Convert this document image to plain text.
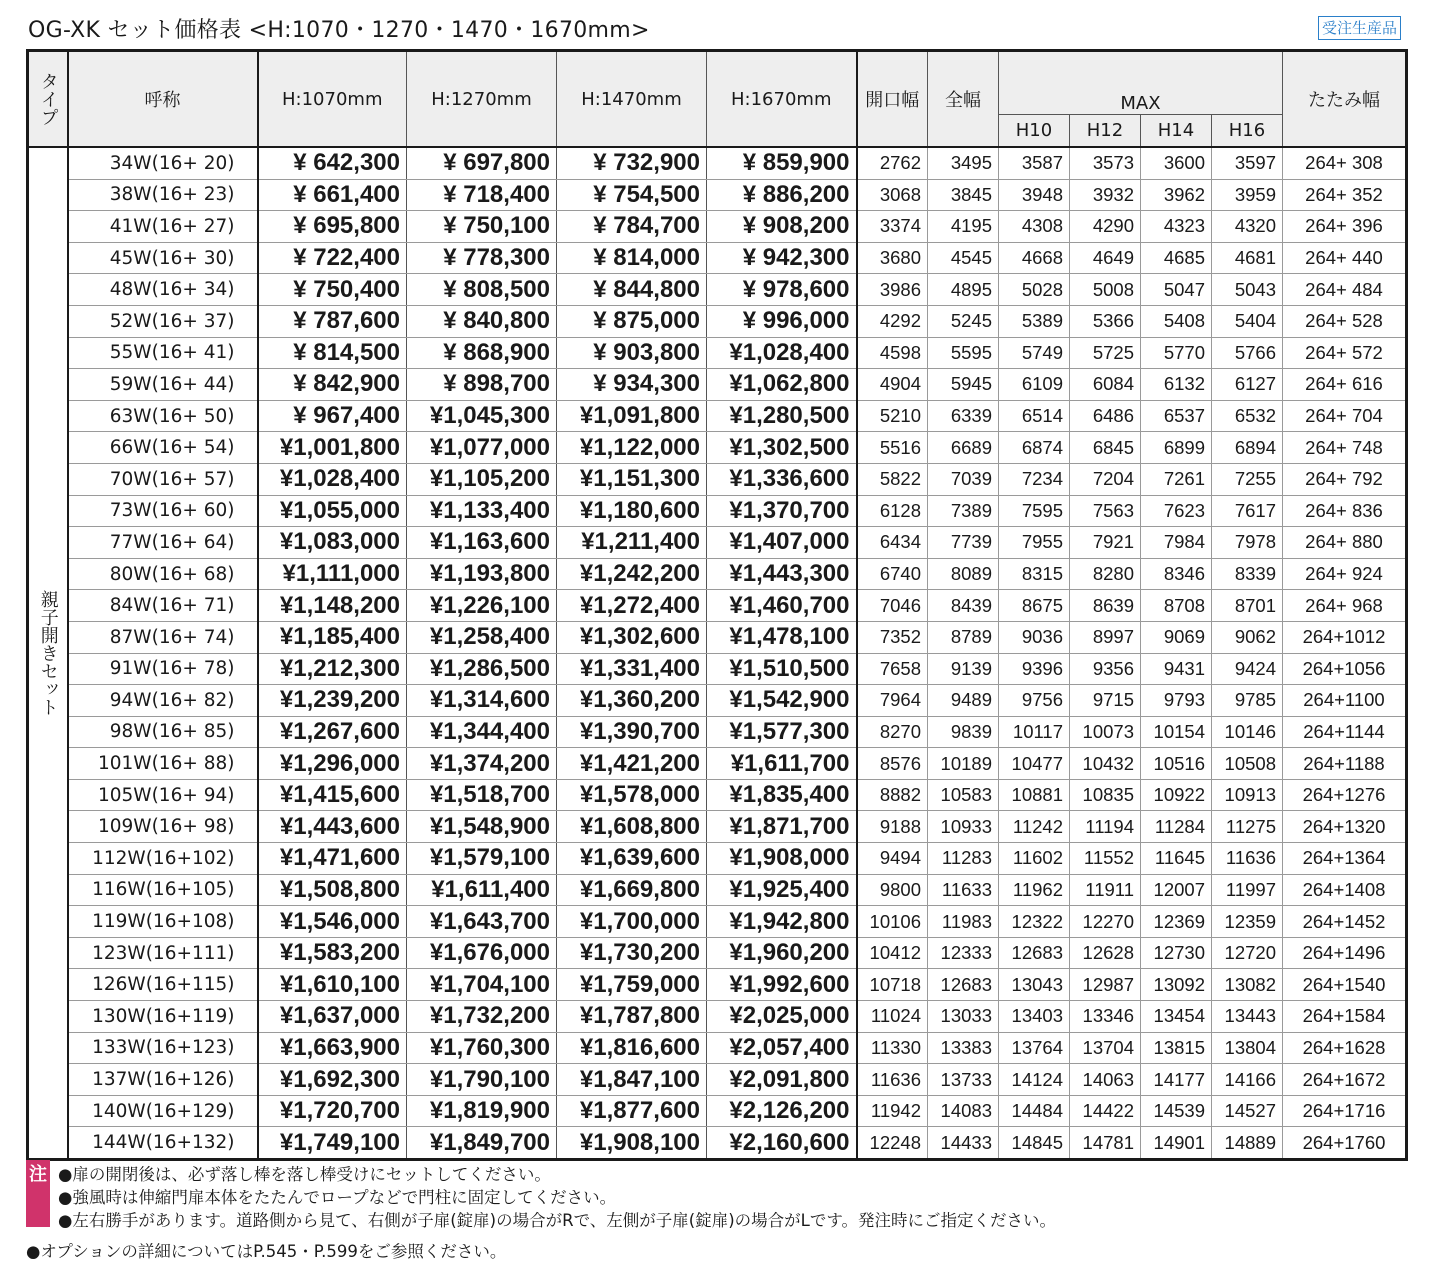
OG-XK セット価格表 <H:1070・1270・1470・1670mm>	受注生産品
タイプ	呼称	H:1070mm	H:1270mm	H:1470mm	H:1670mm	開口幅	全幅	MAX				たたみ幅
								H10	H12	H14	H16	

親子開きセット	34W(16+ 20)	¥ 642,300	¥ 697,800	¥ 732,900	¥ 859,900	2762	3495	3587	3573	3600	3597	264+ 308
	38W(16+ 23)	¥ 661,400	¥ 718,400	¥ 754,500	¥ 886,200	3068	3845	3948	3932	3962	3959	264+ 352
	41W(16+ 27)	¥ 695,800	¥ 750,100	¥ 784,700	¥ 908,200	3374	4195	4308	4290	4323	4320	264+ 396
	45W(16+ 30)	¥ 722,400	¥ 778,300	¥ 814,000	¥ 942,300	3680	4545	4668	4649	4685	4681	264+ 440
	48W(16+ 34)	¥ 750,400	¥ 808,500	¥ 844,800	¥ 978,600	3986	4895	5028	5008	5047	5043	264+ 484
	52W(16+ 37)	¥ 787,600	¥ 840,800	¥ 875,000	¥ 996,000	4292	5245	5389	5366	5408	5404	264+ 528
	55W(16+ 41)	¥ 814,500	¥ 868,900	¥ 903,800	¥1,028,400	4598	5595	5749	5725	5770	5766	264+ 572
	59W(16+ 44)	¥ 842,900	¥ 898,700	¥ 934,300	¥1,062,800	4904	5945	6109	6084	6132	6127	264+ 616
	63W(16+ 50)	¥ 967,400	¥1,045,300	¥1,091,800	¥1,280,500	5210	6339	6514	6486	6537	6532	264+ 704
	66W(16+ 54)	¥1,001,800	¥1,077,000	¥1,122,000	¥1,302,500	5516	6689	6874	6845	6899	6894	264+ 748
	70W(16+ 57)	¥1,028,400	¥1,105,200	¥1,151,300	¥1,336,600	5822	7039	7234	7204	7261	7255	264+ 792
	73W(16+ 60)	¥1,055,000	¥1,133,400	¥1,180,600	¥1,370,700	6128	7389	7595	7563	7623	7617	264+ 836
	77W(16+ 64)	¥1,083,000	¥1,163,600	¥1,211,400	¥1,407,000	6434	7739	7955	7921	7984	7978	264+ 880
	80W(16+ 68)	¥1,111,000	¥1,193,800	¥1,242,200	¥1,443,300	6740	8089	8315	8280	8346	8339	264+ 924
	84W(16+ 71)	¥1,148,200	¥1,226,100	¥1,272,400	¥1,460,700	7046	8439	8675	8639	8708	8701	264+ 968
	87W(16+ 74)	¥1,185,400	¥1,258,400	¥1,302,600	¥1,478,100	7352	8789	9036	8997	9069	9062	264+1012
	91W(16+ 78)	¥1,212,300	¥1,286,500	¥1,331,400	¥1,510,500	7658	9139	9396	9356	9431	9424	264+1056
	94W(16+ 82)	¥1,239,200	¥1,314,600	¥1,360,200	¥1,542,900	7964	9489	9756	9715	9793	9785	264+1100
	98W(16+ 85)	¥1,267,600	¥1,344,400	¥1,390,700	¥1,577,300	8270	9839	10117	10073	10154	10146	264+1144
	101W(16+ 88)	¥1,296,000	¥1,374,200	¥1,421,200	¥1,611,700	8576	10189	10477	10432	10516	10508	264+1188
	105W(16+ 94)	¥1,415,600	¥1,518,700	¥1,578,000	¥1,835,400	8882	10583	10881	10835	10922	10913	264+1276
	109W(16+ 98)	¥1,443,600	¥1,548,900	¥1,608,800	¥1,871,700	9188	10933	11242	11194	11284	11275	264+1320
	112W(16+102)	¥1,471,600	¥1,579,100	¥1,639,600	¥1,908,000	9494	11283	11602	11552	11645	11636	264+1364
	116W(16+105)	¥1,508,800	¥1,611,400	¥1,669,800	¥1,925,400	9800	11633	11962	11911	12007	11997	264+1408
	119W(16+108)	¥1,546,000	¥1,643,700	¥1,700,000	¥1,942,800	10106	11983	12322	12270	12369	12359	264+1452
	123W(16+111)	¥1,583,200	¥1,676,000	¥1,730,200	¥1,960,200	10412	12333	12683	12628	12730	12720	264+1496
	126W(16+115)	¥1,610,100	¥1,704,100	¥1,759,000	¥1,992,600	10718	12683	13043	12987	13092	13082	264+1540
	130W(16+119)	¥1,637,000	¥1,732,200	¥1,787,800	¥2,025,000	11024	13033	13403	13346	13454	13443	264+1584
	133W(16+123)	¥1,663,900	¥1,760,300	¥1,816,600	¥2,057,400	11330	13383	13764	13704	13815	13804	264+1628
	137W(16+126)	¥1,692,300	¥1,790,100	¥1,847,100	¥2,091,800	11636	13733	14124	14063	14177	14166	264+1672
	140W(16+129)	¥1,720,700	¥1,819,900	¥1,877,600	¥2,126,200	11942	14083	14484	14422	14539	14527	264+1716
	144W(16+132)	¥1,749,100	¥1,849,700	¥1,908,100	¥2,160,600	12248	14433	14845	14781	14901	14889	264+1760
注 ●扉の開閉後は、必ず落し棒を落し棒受けにセットしてください。
●強風時は伸縮門扉本体をたたんでロープなどで門柱に固定してください。
●左右勝手があります。道路側から見て、右側が子扉(錠扉)の場合がRで、左側が子扉(錠扉)の場合がLです。発注時にご指定ください。
●オプションの詳細についてはP.545・P.599をご参照ください。
